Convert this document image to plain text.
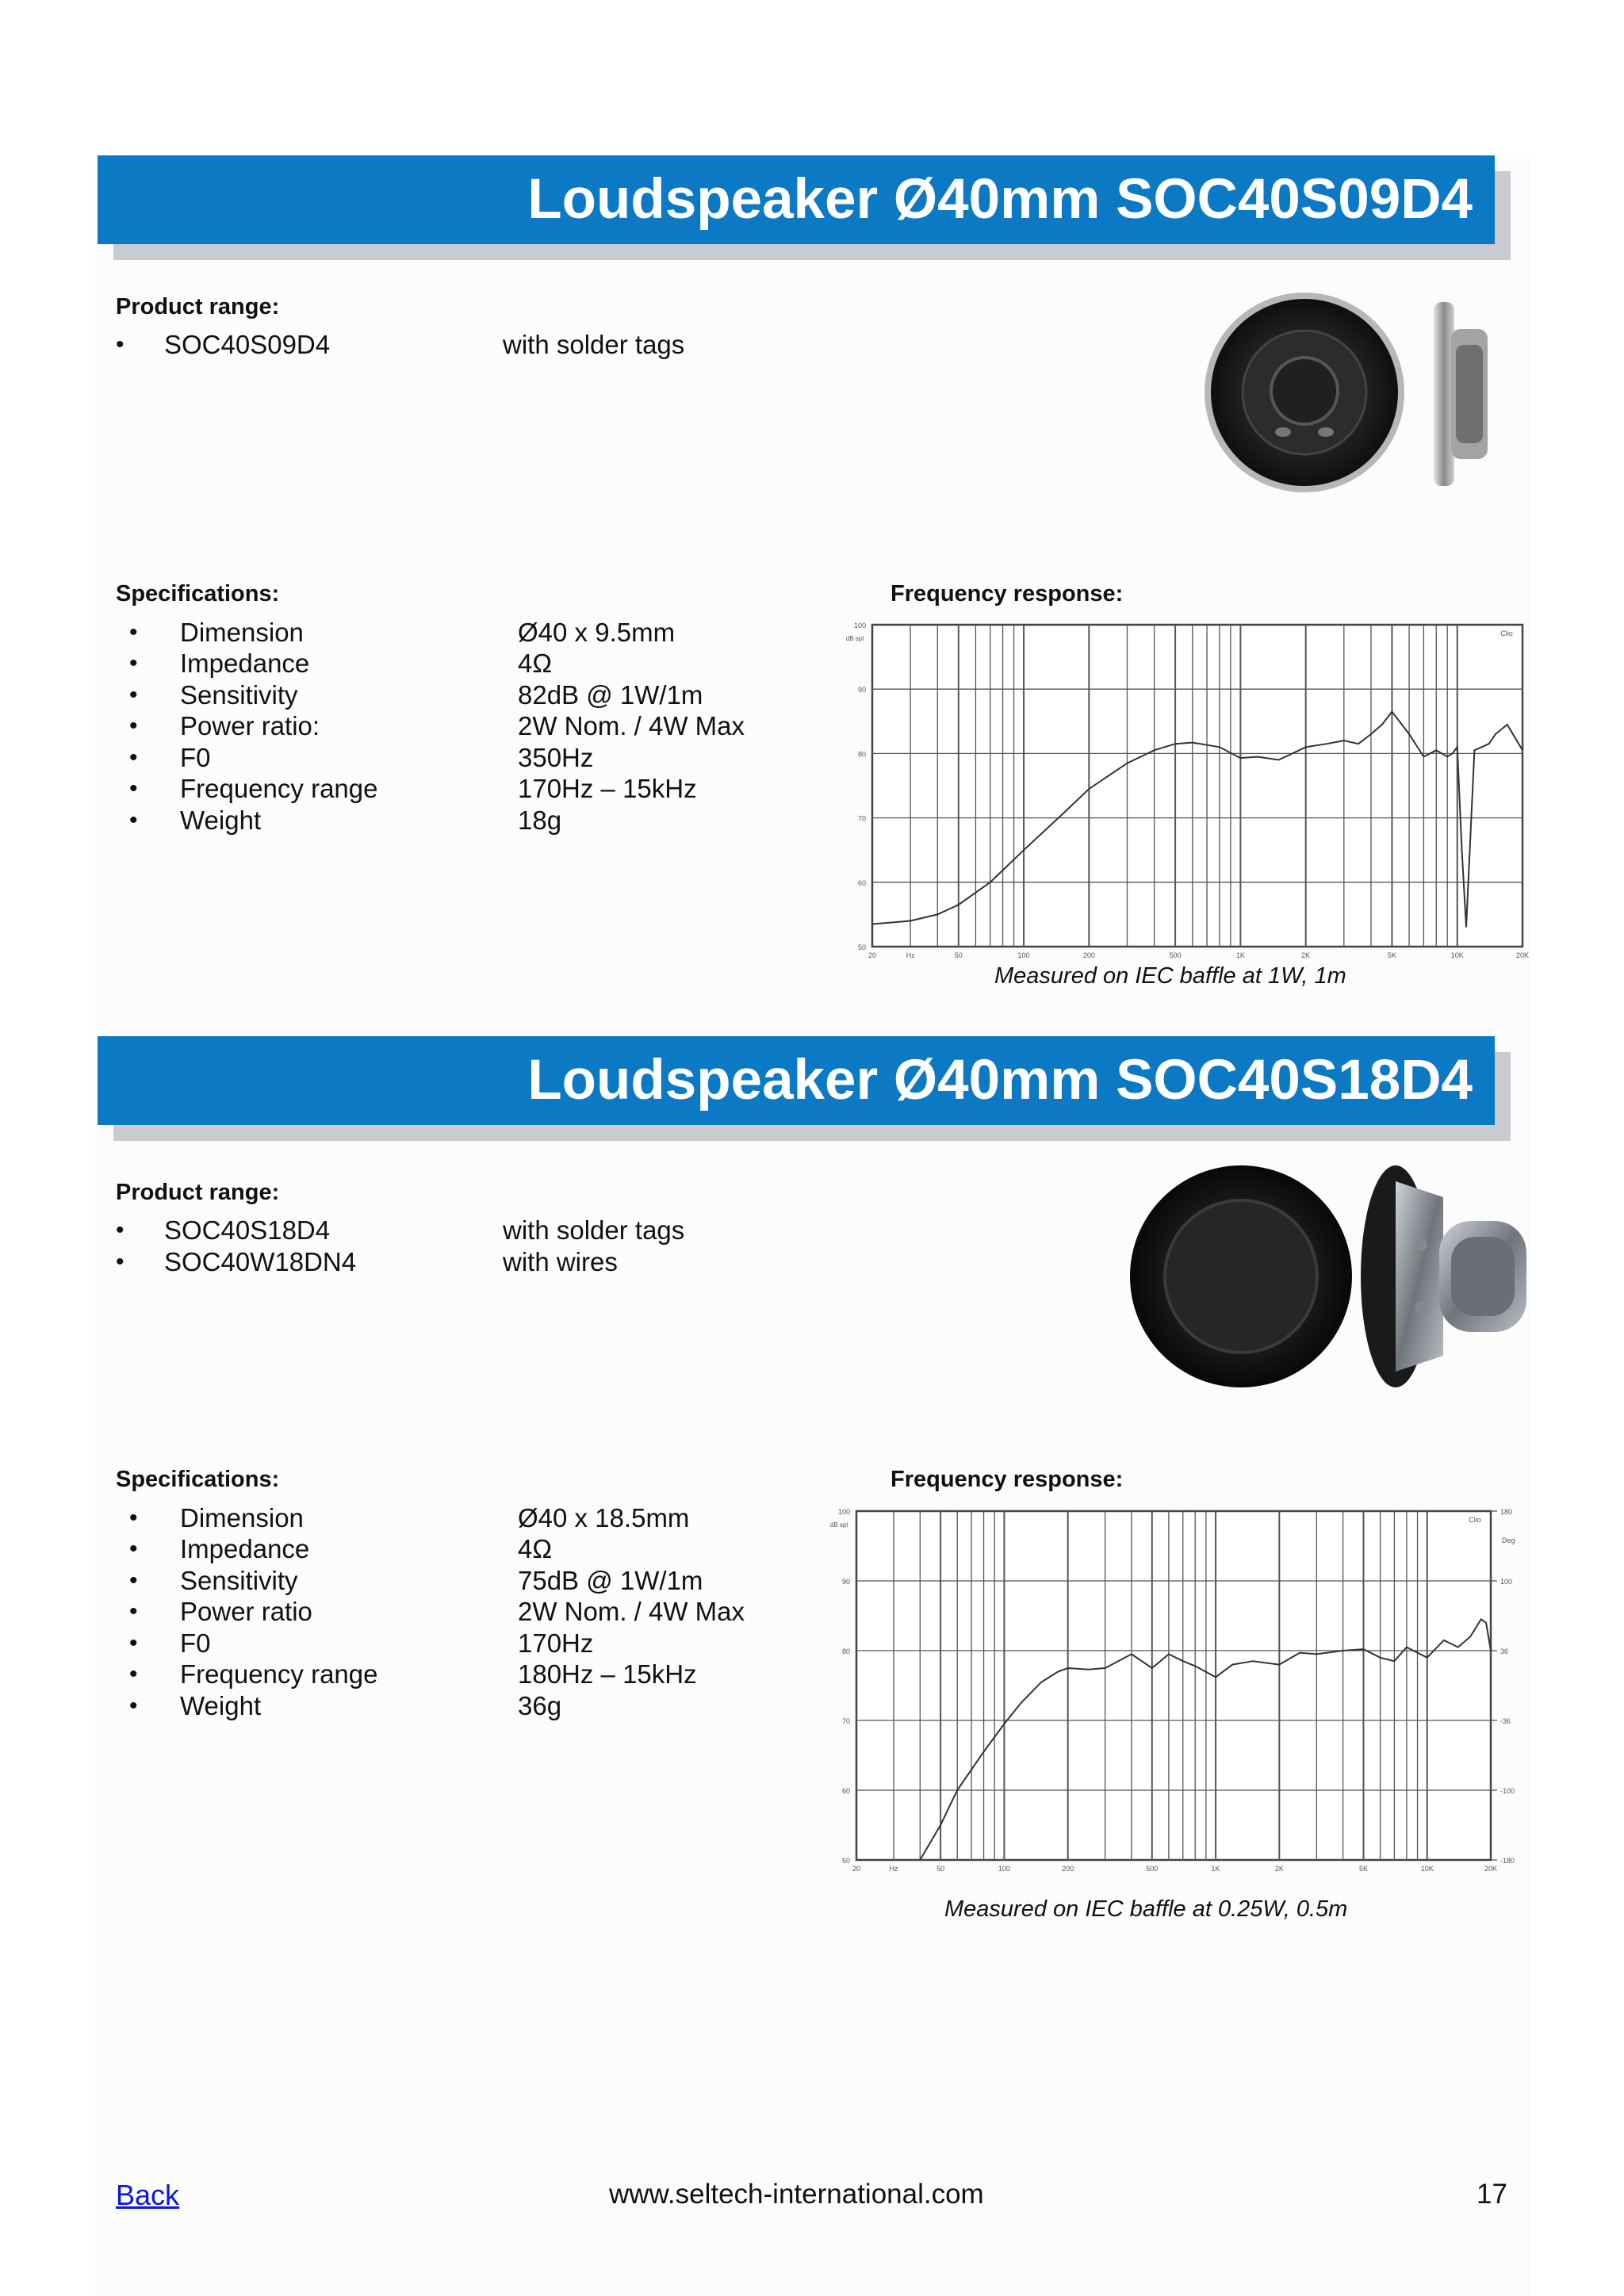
Loudspeaker Ø40mm SOC40S09D4
Product range:
• SOC40S09D4	with solder tags
Specifications:
• Dimension	Ø40 x 9.5mm
• Impedance	4Ω
• Sensitivity	82dB @ 1W/1m
• Power ratio:	2W Nom. / 4W Max
• F0	350Hz
• Frequency range	170Hz – 15kHz
• Weight	18g
Frequency response:
50
60
70
80
90
100
dB spl
20	Hz	50	100	200	500	1K	2K	5K	10K	20K
Clio
Measured on IEC baffle at 1W, 1m
Loudspeaker Ø40mm SOC40S18D4
Product range:
• SOC40S18D4	with solder tags
• SOC40W18DN4	with wires
Specifications:
• Dimension	Ø40 x 18.5mm
• Impedance	4Ω
• Sensitivity	75dB @ 1W/1m
• Power ratio	2W Nom. / 4W Max
• F0	170Hz
• Frequency range	180Hz – 15kHz
• Weight	36g
Frequency response:
50
60
70
80
90
100
dB spl
-180
-100
-36
36
100
180
Deg
20	Hz	50	100	200	500	1K	2K	5K	10K	20K
Clio
Measured on IEC baffle at 0.25W, 0.5m
Back	www.seltech-international.com	17
